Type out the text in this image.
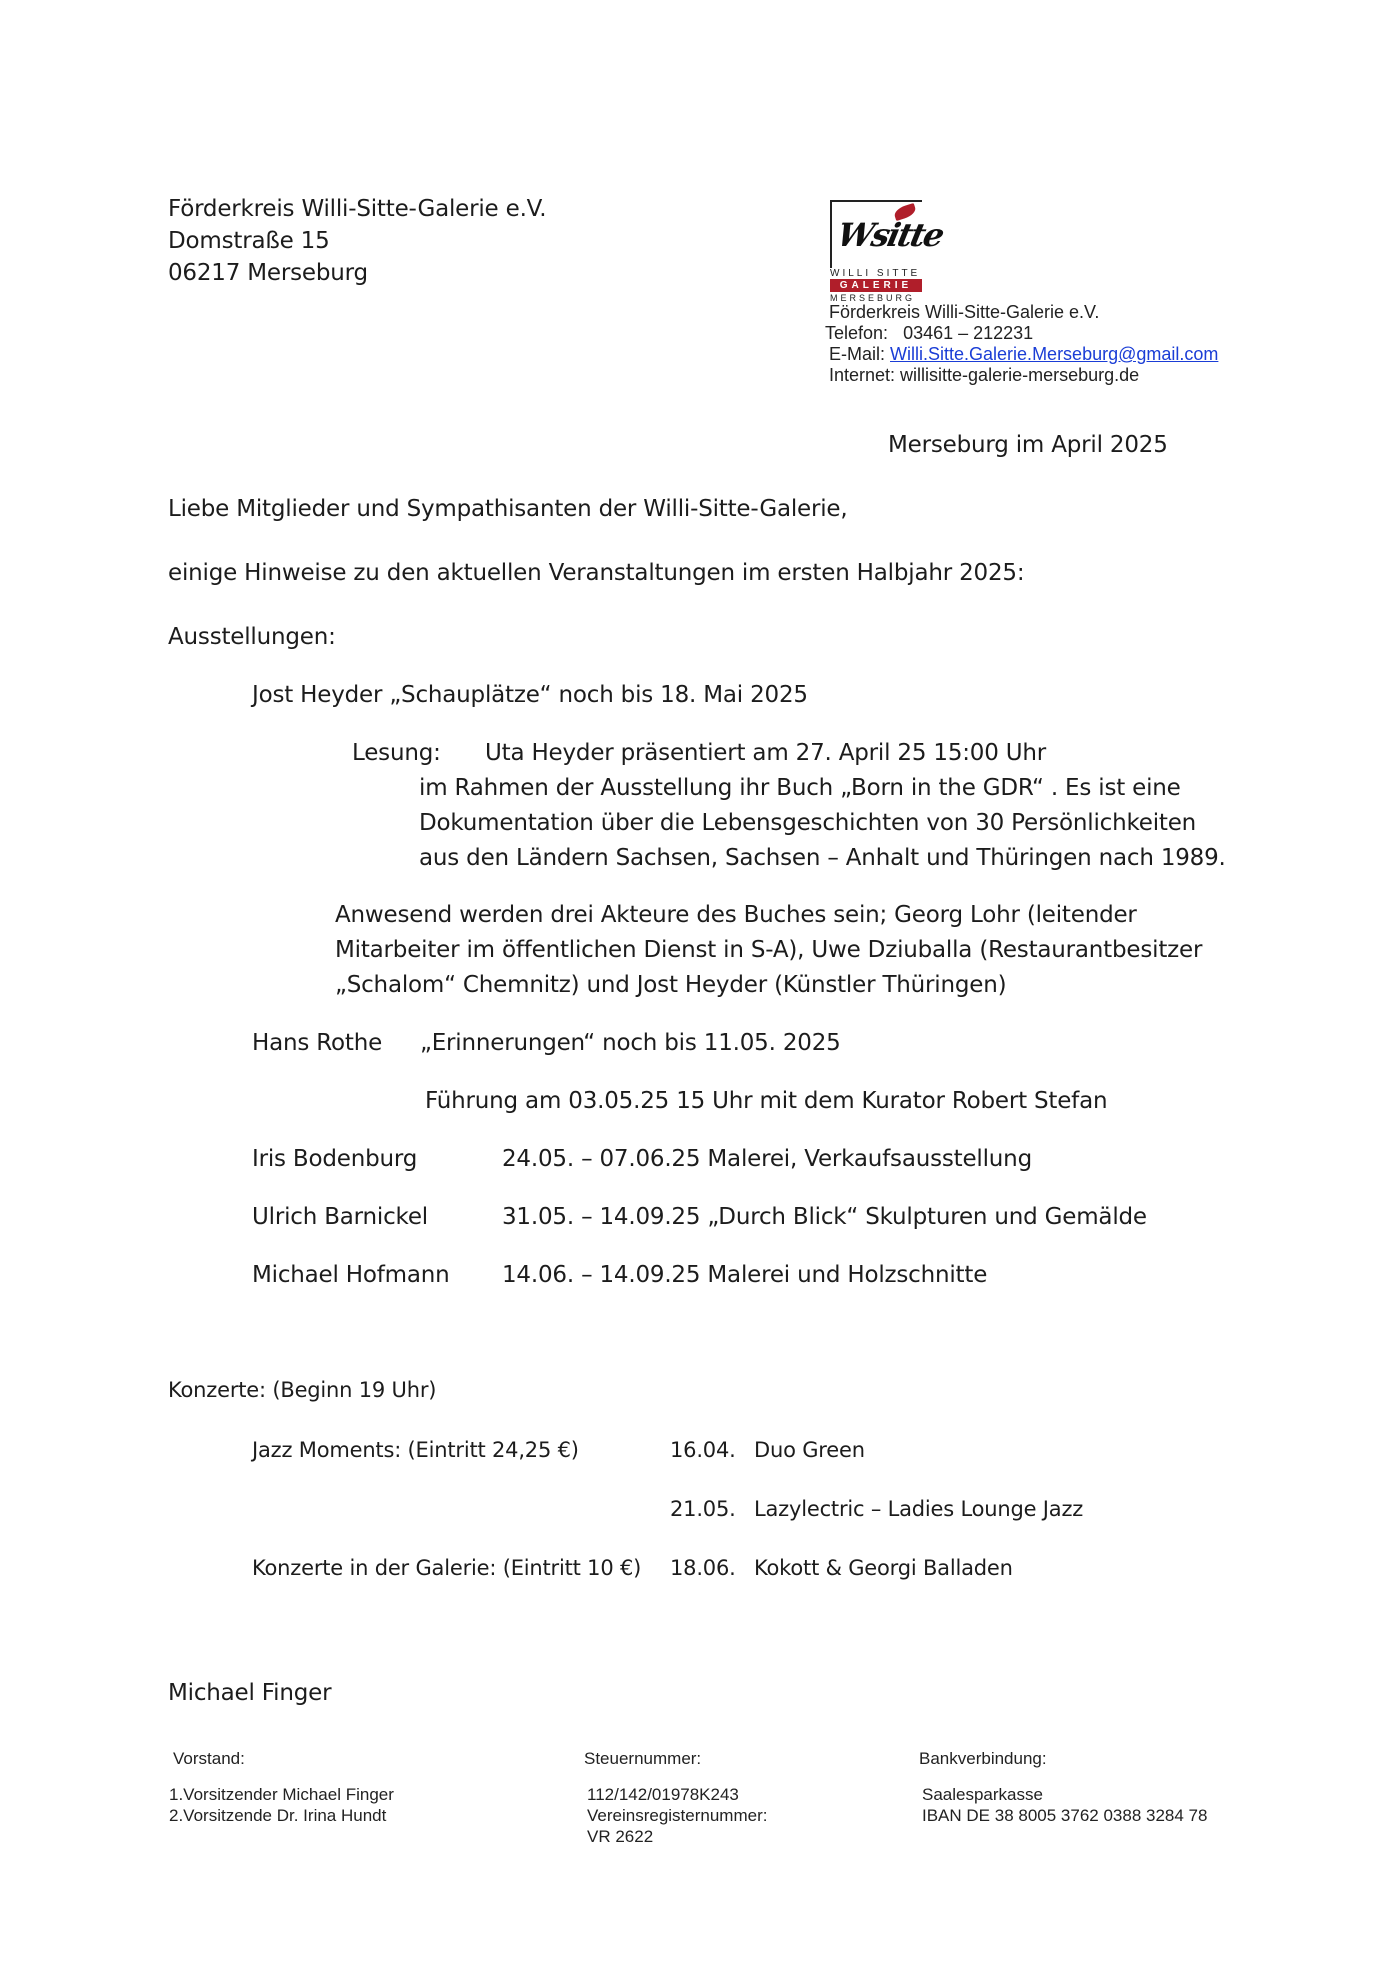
Förderkreis Willi-Sitte-Galerie e.V.
Domstraße 15
06217 Merseburg
Wsitte
WILLI SITTE
GALERIE
MERSEBURG
Förderkreis Willi-Sitte-Galerie e.V.
Telefon: 03461 – 212231
E-Mail: Willi.Sitte.Galerie.Merseburg@gmail.com
Internet: willisitte-galerie-merseburg.de
Merseburg im April 2025
Liebe Mitglieder und Sympathisanten der Willi-Sitte-Galerie,
einige Hinweise zu den aktuellen Veranstaltungen im ersten Halbjahr 2025:
Ausstellungen:
Jost Heyder „Schauplätze“ noch bis 18. Mai 2025
Lesung: Uta Heyder präsentiert am 27. April 25 15:00 Uhr
im Rahmen der Ausstellung ihr Buch „Born in the GDR“ . Es ist eine
Dokumentation über die Lebensgeschichten von 30 Persönlichkeiten
aus den Ländern Sachsen, Sachsen – Anhalt und Thüringen nach 1989.
Anwesend werden drei Akteure des Buches sein; Georg Lohr (leitender
Mitarbeiter im öffentlichen Dienst in S-A), Uwe Dziuballa (Restaurantbesitzer
„Schalom“ Chemnitz) und Jost Heyder (Künstler Thüringen)
Hans Rothe „Erinnerungen“ noch bis 11.05. 2025
Führung am 03.05.25 15 Uhr mit dem Kurator Robert Stefan
Iris Bodenburg	24.05. – 07.06.25 Malerei, Verkaufsausstellung
Ulrich Barnickel	31.05. – 14.09.25 „Durch Blick“ Skulpturen und Gemälde
Michael Hofmann 14.06. – 14.09.25 Malerei und Holzschnitte
Konzerte: (Beginn 19 Uhr)
Jazz Moments: (Eintritt 24,25 €)	16.04. Duo Green
21.05. Lazylectric – Ladies Lounge Jazz
Konzerte in der Galerie: (Eintritt 10 €) 18.06. Kokott & Georgi Balladen
Michael Finger
Vorstand:
1.Vorsitzender Michael Finger
2.Vorsitzende Dr. Irina Hundt
Steuernummer:
112/142/01978K243
Vereinsregisternummer:
VR 2622
Bankverbindung:
Saalesparkasse
IBAN DE 38 8005 3762 0388 3284 78
